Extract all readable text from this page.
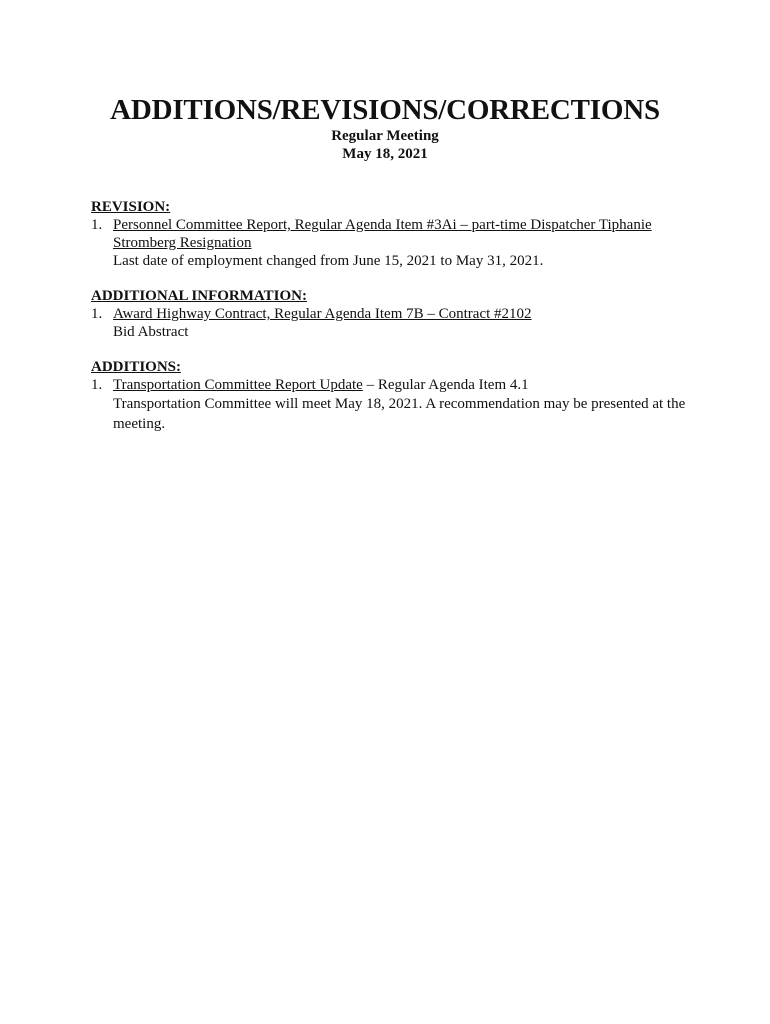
ADDITIONS/REVISIONS/CORRECTIONS

Regular Meeting

May 18, 2021

REVISION:

1. Personnel Committee Report, Regular Agenda Item #3Ai – part-time Dispatcher Tiphanie
Stromberg Resignation
Last date of employment changed from June 15, 2021 to May 31, 2021.

ADDITIONAL INFORMATION:

1. Award Highway Contract, Regular Agenda Item 7B – Contract #2102
Bid Abstract

ADDITIONS:

1. Transportation Committee Report Update – Regular Agenda Item 4.1
Transportation Committee will meet May 18, 2021. A recommendation may be presented at the meeting.
